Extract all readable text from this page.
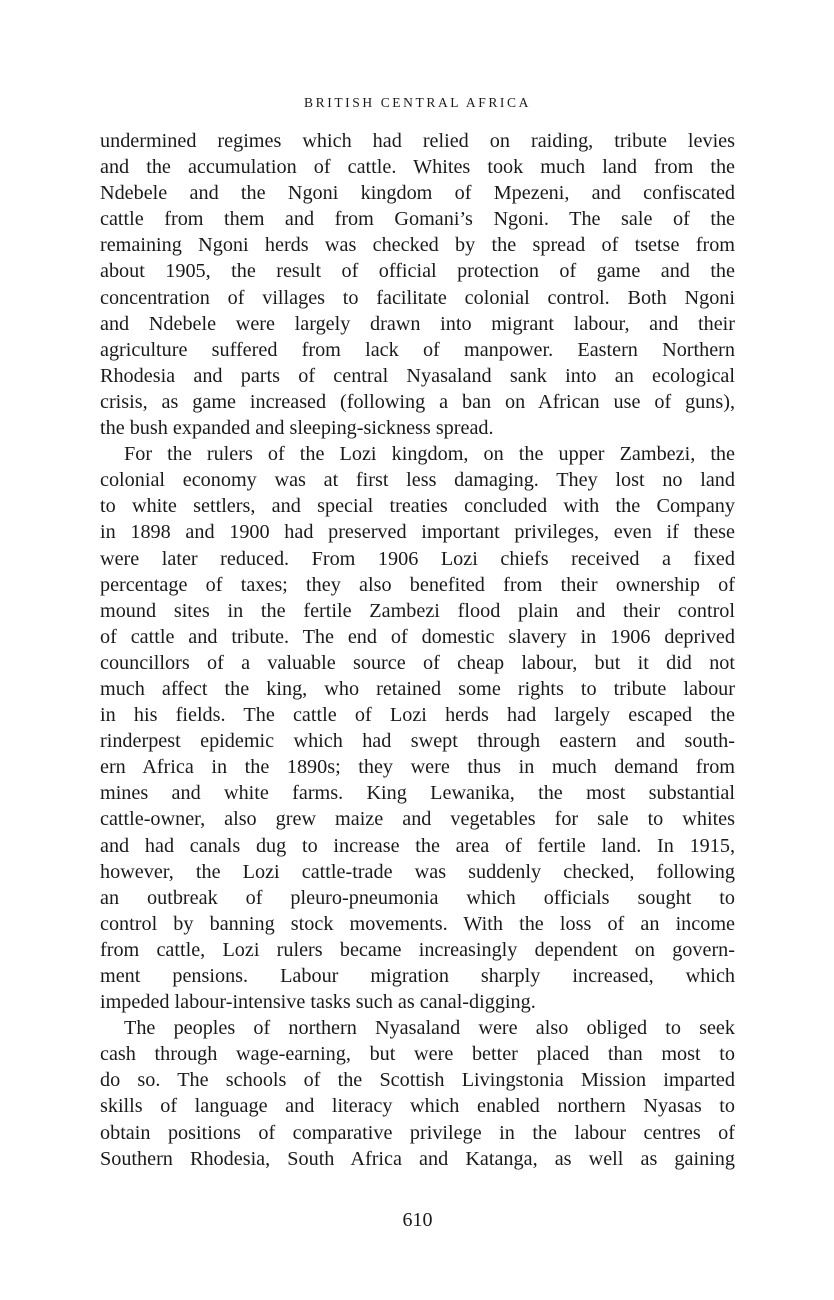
BRITISH CENTRAL AFRICA
undermined regimes which had relied on raiding, tribute levies
and the accumulation of cattle. Whites took much land from the
Ndebele and the Ngoni kingdom of Mpezeni, and confiscated
cattle from them and from Gomani’s Ngoni. The sale of the
remaining Ngoni herds was checked by the spread of tsetse from
about 1905, the result of official protection of game and the
concentration of villages to facilitate colonial control. Both Ngoni
and Ndebele were largely drawn into migrant labour, and their
agriculture suffered from lack of manpower. Eastern Northern
Rhodesia and parts of central Nyasaland sank into an ecological
crisis, as game increased (following a ban on African use of guns),
the bush expanded and sleeping-sickness spread.
For the rulers of the Lozi kingdom, on the upper Zambezi, the
colonial economy was at first less damaging. They lost no land
to white settlers, and special treaties concluded with the Company
in 1898 and 1900 had preserved important privileges, even if these
were later reduced. From 1906 Lozi chiefs received a fixed
percentage of taxes; they also benefited from their ownership of
mound sites in the fertile Zambezi flood plain and their control
of cattle and tribute. The end of domestic slavery in 1906 deprived
councillors of a valuable source of cheap labour, but it did not
much affect the king, who retained some rights to tribute labour
in his fields. The cattle of Lozi herds had largely escaped the
rinderpest epidemic which had swept through eastern and south-
ern Africa in the 1890s; they were thus in much demand from
mines and white farms. King Lewanika, the most substantial
cattle-owner, also grew maize and vegetables for sale to whites
and had canals dug to increase the area of fertile land. In 1915,
however, the Lozi cattle-trade was suddenly checked, following
an outbreak of pleuro-pneumonia which officials sought to
control by banning stock movements. With the loss of an income
from cattle, Lozi rulers became increasingly dependent on govern-
ment pensions. Labour migration sharply increased, which
impeded labour-intensive tasks such as canal-digging.
The peoples of northern Nyasaland were also obliged to seek
cash through wage-earning, but were better placed than most to
do so. The schools of the Scottish Livingstonia Mission imparted
skills of language and literacy which enabled northern Nyasas to
obtain positions of comparative privilege in the labour centres of
Southern Rhodesia, South Africa and Katanga, as well as gaining
610
